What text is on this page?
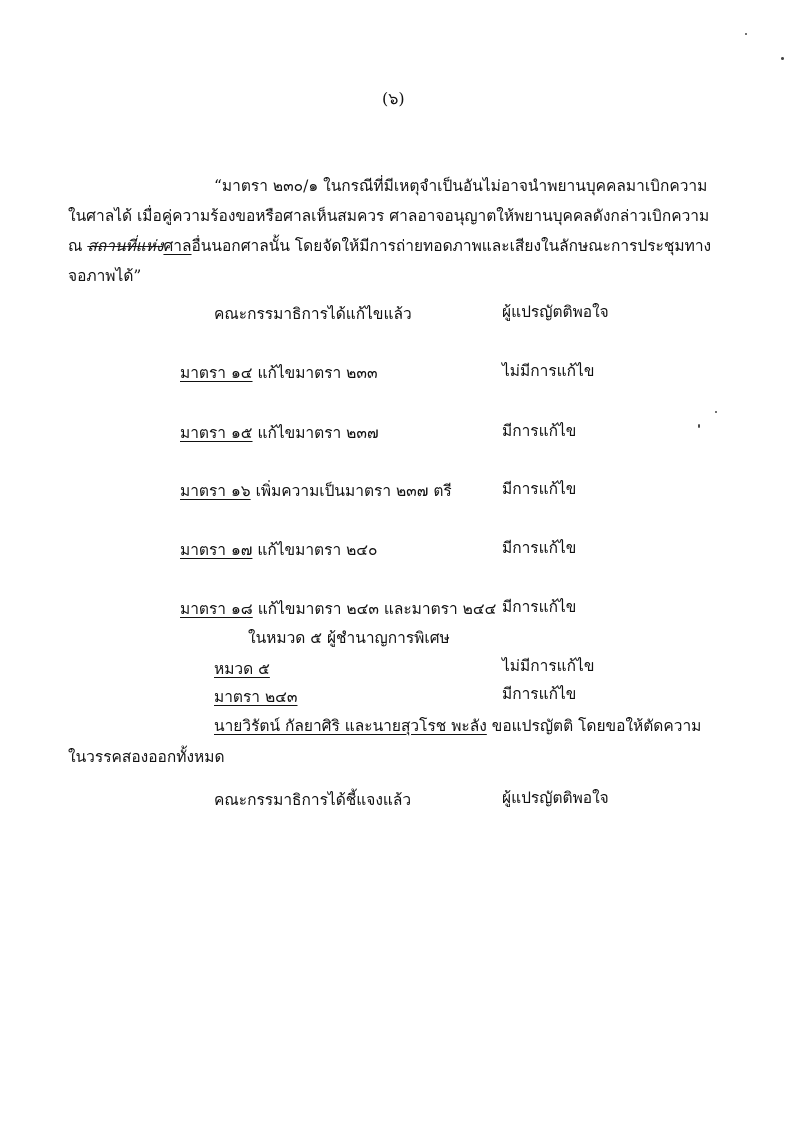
(๖)
“มาตรา ๒๓๐/๑ ในกรณีที่มีเหตุจำเป็นอันไม่อาจนำพยานบุคคลมาเบิกความ
ในศาลได้ เมื่อคู่ความร้องขอหรือศาลเห็นสมควร ศาลอาจอนุญาตให้พยานบุคคลดังกล่าวเบิกความ
ณ สถานที่แห่งศาลอื่นนอกศาลนั้น โดยจัดให้มีการถ่ายทอดภาพและเสียงในลักษณะการประชุมทาง
จอภาพได้”
คณะกรรมาธิการได้แก้ไขแล้ว	ผู้แปรญัตติพอใจ
มาตรา ๑๔ แก้ไขมาตรา ๒๓๓	ไม่มีการแก้ไข
มาตรา ๑๕ แก้ไขมาตรา ๒๓๗	มีการแก้ไข
มาตรา ๑๖ เพิ่มความเป็นมาตรา ๒๓๗ ตรี	มีการแก้ไข
มาตรา ๑๗ แก้ไขมาตรา ๒๔๐	มีการแก้ไข
มาตรา ๑๘ แก้ไขมาตรา ๒๔๓ และมาตรา ๒๔๔ มีการแก้ไข
ในหมวด ๕ ผู้ชำนาญการพิเศษ
หมวด ๕	ไม่มีการแก้ไข
มาตรา ๒๔๓	มีการแก้ไข
นายวิรัตน์ กัลยาศิริ และนายสุวโรช พะลัง ขอแปรญัตติ โดยขอให้ตัดความ
ในวรรคสองออกทั้งหมด
คณะกรรมาธิการได้ชี้แจงแล้ว	ผู้แปรญัตติพอใจ
